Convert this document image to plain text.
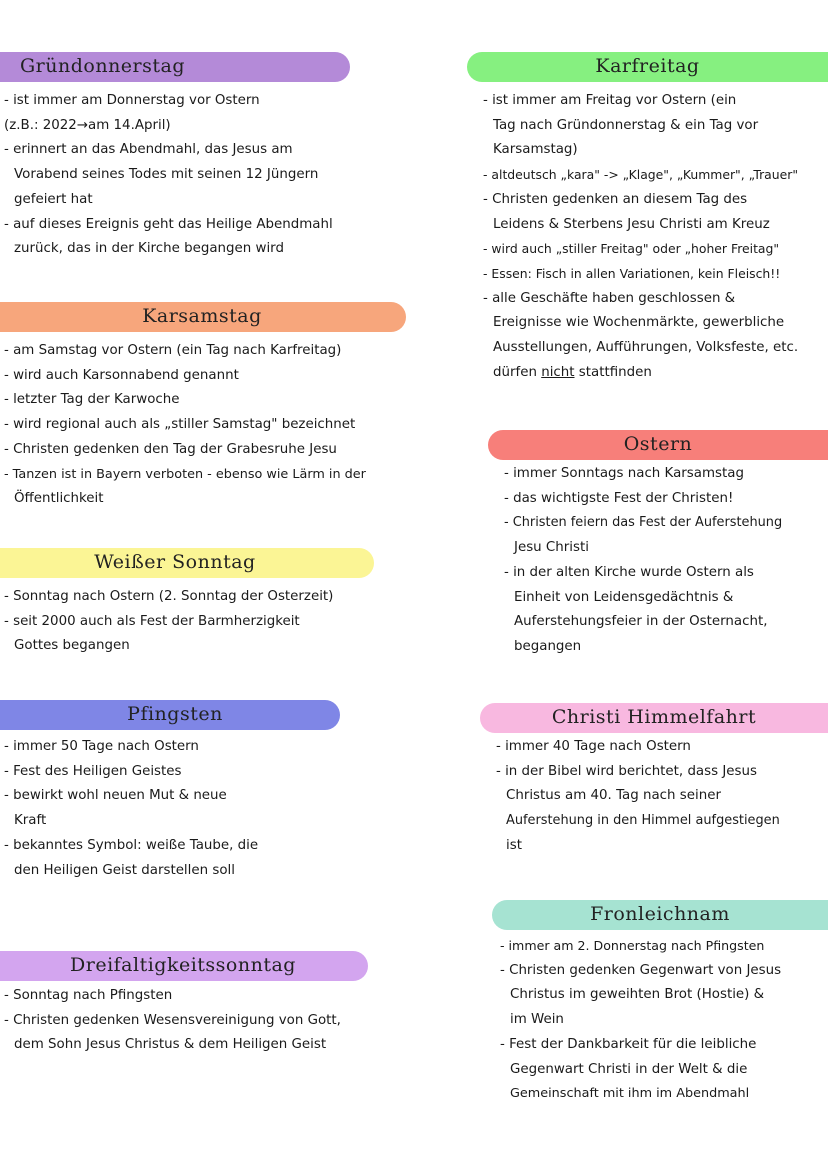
Gründonnerstag
- ist immer am Donnerstag vor Ostern
(z.B.: 2022→am 14.April)
- erinnert an das Abendmahl, das Jesus am
Vorabend seines Todes mit seinen 12 Jüngern
gefeiert hat
- auf dieses Ereignis geht das Heilige Abendmahl
zurück, das in der Kirche begangen wird
Karfreitag
- ist immer am Freitag vor Ostern (ein
Tag nach Gründonnerstag & ein Tag vor
Karsamstag)
- altdeutsch „kara" -> „Klage", „Kummer", „Trauer"
- Christen gedenken an diesem Tag des
Leidens & Sterbens Jesu Christi am Kreuz
- wird auch „stiller Freitag" oder „hoher Freitag"
- Essen: Fisch in allen Variationen, kein Fleisch!!
- alle Geschäfte haben geschlossen &
Ereignisse wie Wochenmärkte, gewerbliche
Ausstellungen, Aufführungen, Volksfeste, etc.
dürfen nicht stattfinden
Karsamstag
- am Samstag vor Ostern (ein Tag nach Karfreitag)
- wird auch Karsonnabend genannt
- letzter Tag der Karwoche
- wird regional auch als „stiller Samstag" bezeichnet
- Christen gedenken den Tag der Grabesruhe Jesu
- Tanzen ist in Bayern verboten - ebenso wie Lärm in der
Öffentlichkeit
Ostern
- immer Sonntags nach Karsamstag
- das wichtigste Fest der Christen!
- Christen feiern das Fest der Auferstehung
Jesu Christi
- in der alten Kirche wurde Ostern als
Einheit von Leidensgedächtnis &
Auferstehungsfeier in der Osternacht,
begangen
Weißer Sonntag
- Sonntag nach Ostern (2. Sonntag der Osterzeit)
- seit 2000 auch als Fest der Barmherzigkeit
Gottes begangen
Pfingsten
- immer 50 Tage nach Ostern
- Fest des Heiligen Geistes
- bewirkt wohl neuen Mut & neue
Kraft
- bekanntes Symbol: weiße Taube, die
den Heiligen Geist darstellen soll
Christi Himmelfahrt
- immer 40 Tage nach Ostern
- in der Bibel wird berichtet, dass Jesus
Christus am 40. Tag nach seiner
Auferstehung in den Himmel aufgestiegen
ist
Fronleichnam
- immer am 2. Donnerstag nach Pfingsten
- Christen gedenken Gegenwart von Jesus
Christus im geweihten Brot (Hostie) &
im Wein
- Fest der Dankbarkeit für die leibliche
Gegenwart Christi in der Welt & die
Gemeinschaft mit ihm im Abendmahl
Dreifaltigkeitssonntag
- Sonntag nach Pfingsten
- Christen gedenken Wesensvereinigung von Gott,
dem Sohn Jesus Christus & dem Heiligen Geist
